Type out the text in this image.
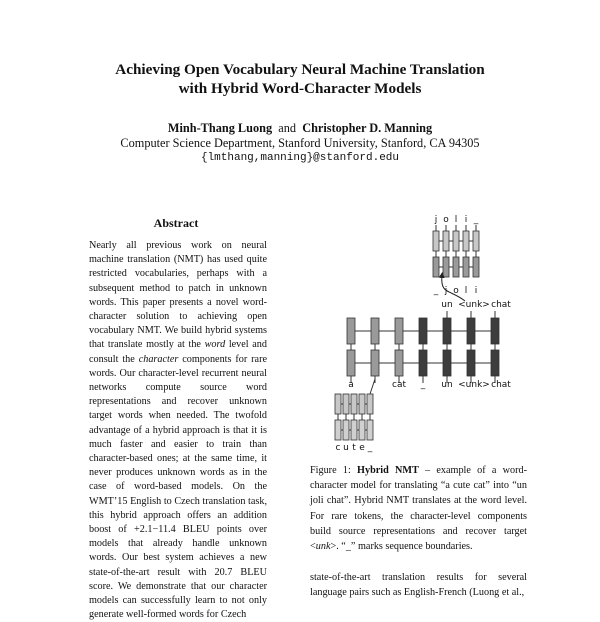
Achieving Open Vocabulary Neural Machine Translation
with Hybrid Word-Character Models
Minh-Thang Luong and Christopher D. Manning
Computer Science Department, Stanford University, Stanford, CA 94305
{lmthang,manning}@stanford.edu
Abstract
Nearly all previous work on neural machine translation (NMT) has used quite restricted vocabularies, perhaps with a subsequent method to patch in unknown words. This paper presents a novel word-character solution to achieving open vocabulary NMT. We build hybrid systems that translate mostly at the word level and consult the character components for rare words. Our character-level recurrent neural networks compute source word representations and recover unknown target words when needed. The twofold advantage of a hybrid approach is that it is much faster and easier to train than character-based ones; at the same time, it never produces unknown words as in the case of word-based models. On the WMT’15 English to Czech translation task, this hybrid approach offers an addition boost of +2.1−11.4 BLEU points over models that already handle unknown words. Our best system achieves a new state-of-the-art result with 20.7 BLEU score. We demonstrate that our character models can successfully learn to not only generate well-formed words for Czech
j o l i _
_ j o l i
un <unk> chat
a	cat _ un <unk> chat
c u t e _
Figure 1: Hybrid NMT – example of a word-character model for translating “a cute cat” into “un joli chat”. Hybrid NMT translates at the word level. For rare tokens, the character-level components build source representations and recover target <unk>. “_” marks sequence boundaries.
state-of-the-art translation results for several language pairs such as English-French (Luong et al.,
